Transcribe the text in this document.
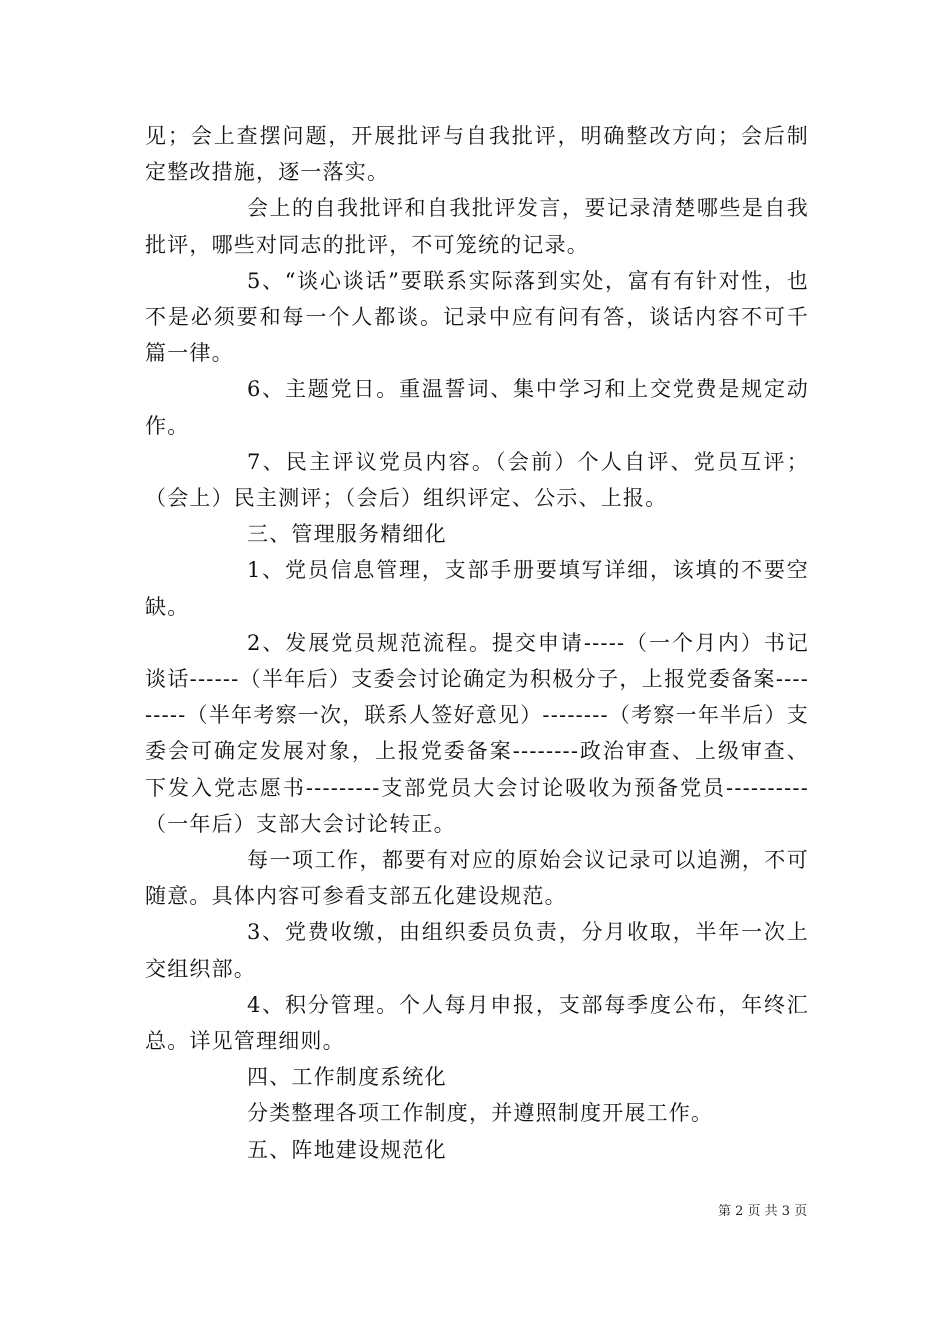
见；会上查摆问题，开展批评与自我批评，明确整改方向；会后制定整改措施，逐一落实。

会上的自我批评和自我批评发言，要记录清楚哪些是自我批评，哪些对同志的批评，不可笼统的记录。

5、“谈心谈话”要联系实际落到实处，富有有针对性，也不是必须要和每一个人都谈。记录中应有问有答，谈话内容不可千篇一律。

6、主题党日。重温誓词、集中学习和上交党费是规定动作。

7、民主评议党员内容。（会前）个人自评、党员互评；（会上）民主测评；（会后）组织评定、公示、上报。

三、管理服务精细化

1、党员信息管理，支部手册要填写详细，该填的不要空缺。

2、发展党员规范流程。提交申请-----（一个月内）书记谈话------（半年后）支委会讨论确定为积极分子，上报党委备案---------（半年考察一次，联系人签好意见）--------（考察一年半后）支委会可确定发展对象，上报党委备案--------政治审查、上级审查、下发入党志愿书---------支部党员大会讨论吸收为预备党员----------（一年后）支部大会讨论转正。

每一项工作，都要有对应的原始会议记录可以追溯，不可随意。具体内容可参看支部五化建设规范。

3、党费收缴，由组织委员负责，分月收取，半年一次上交组织部。

4、积分管理。个人每月申报，支部每季度公布，年终汇总。详见管理细则。

四、工作制度系统化

分类整理各项工作制度，并遵照制度开展工作。

五、阵地建设规范化

第 2 页 共 3 页
